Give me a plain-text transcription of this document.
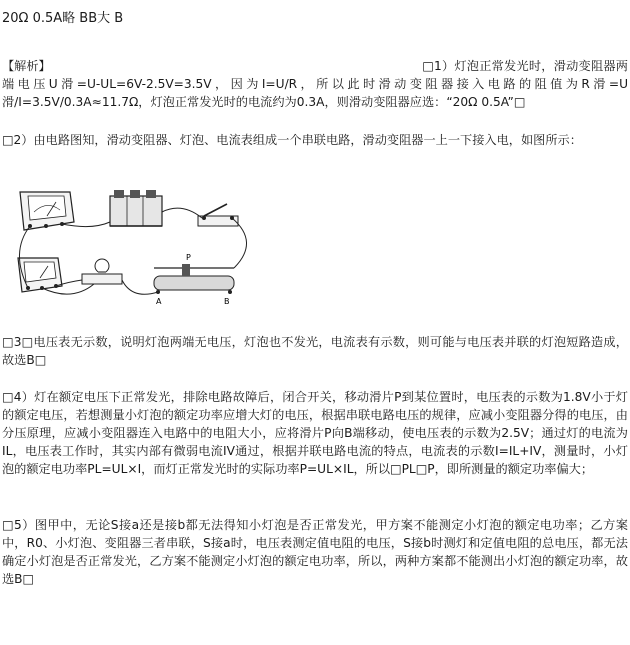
20Ω 0.5A略 BB大 B
【解析】	□1）灯泡正常发光时，滑动变阻器两端电压U滑=U-UL=6V-2.5V=3.5V，因为I=U/R，所以此时滑动变阻器接入电路的阻值为R滑=U滑/I=3.5V/0.3A≈11.7Ω，灯泡正常发光时的电流约为0.3A，则滑动变阻器应选：“20Ω 0.5A”□
□2）由电路图知，滑动变阻器、灯泡、电流表组成一个串联电路，滑动变阻器一上一下接入电，如图所示：
P
A	B
□3□电压表无示数，说明灯泡两端无电压，灯泡也不发光，电流表有示数，则可能与电压表并联的灯泡短路造成，故选B□
□4）灯在额定电压下正常发光，排除电路故障后，闭合开关，移动滑片P到某位置时，电压表的示数为1.8V小于灯的额定电压，若想测量小灯泡的额定功率应增大灯的电压，根据串联电路电压的规律，应减小变阻器分得的电压，由分压原理，应减小变阻器连入电路中的电阻大小，应将滑片P向B端移动，使电压表的示数为2.5V；通过灯的电流为IL，电压表工作时，其实内部有微弱电流IV通过，根据并联电路电流的特点，电流表的示数I=IL+IV，测量时，小灯泡的额定电功率PL=UL×I，而灯正常发光时的实际功率P=UL×IL，所以□PL□P，即所测量的额定功率偏大；
□5）图甲中，无论S接a还是接b都无法得知小灯泡是否正常发光，甲方案不能测定小灯泡的额定电功率；乙方案中，R0、小灯泡、变阻器三者串联，S接a时，电压表测定值电阻的电压，S接b时测灯和定值电阻的总电压，都无法确定小灯泡是否正常发光，乙方案不能测定小灯泡的额定电功率，所以，两种方案都不能测出小灯泡的额定功率，故选B□
